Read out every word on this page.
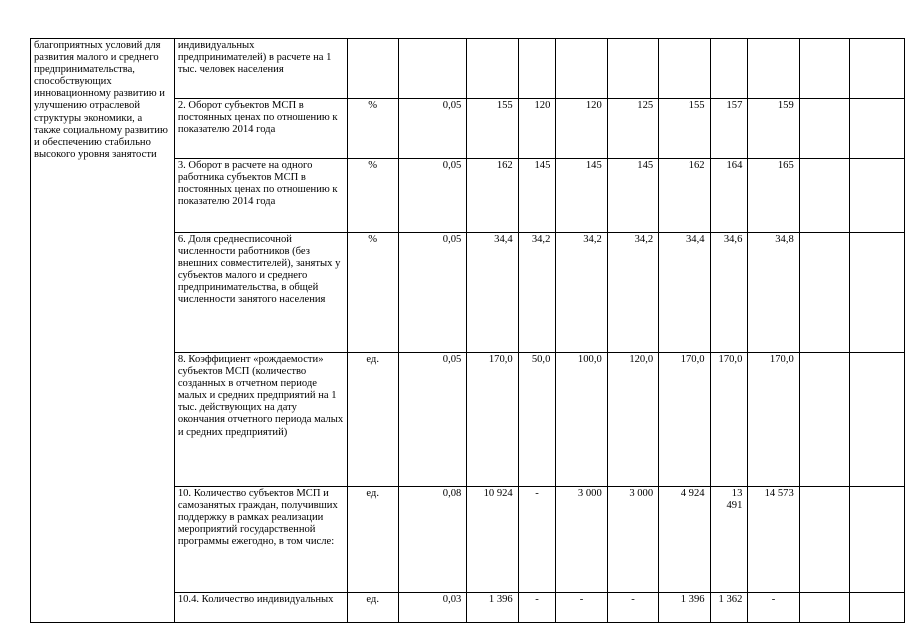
благоприятных условий для развития малого и среднего предпринимательства, способствующих инновационному развитию и улучшению отраслевой структуры экономики, а также социальному развитию и обеспечению стабильно высокого уровня занятости	индивидуальных предпринимателей) в расчете на 1 тыс. человек населения											
	2. Оборот субъектов МСП в постоянных ценах по отношению к показателю 2014 года	%	0,05	155	120	120	125	155	157	159		
	3. Оборот в расчете на одного работника субъектов МСП в постоянных ценах по отношению к показателю 2014 года	%	0,05	162	145	145	145	162	164	165		
	6. Доля среднесписочной численности работников (без внешних совместителей), занятых у субъектов малого и среднего предпринимательства, в общей численности занятого населения	%	0,05	34,4	34,2	34,2	34,2	34,4	34,6	34,8		
	8. Коэффициент «рождаемости» субъектов МСП (количество созданных в отчетном периоде малых и средних предприятий на 1 тыс. действующих на дату окончания отчетного периода малых и средних предприятий)	ед.	0,05	170,0	50,0	100,0	120,0	170,0	170,0	170,0		
	10. Количество субъектов МСП и самозанятых граждан, получивших поддержку в рамках реализации мероприятий государственной программы ежегодно, в том числе:	ед.	0,08	10 924	-	3 000	3 000	4 924	13 491	14 573		
	10.4. Количество индивидуальных	ед.	0,03	1 396	-	-	-	1 396	1 362	-		
